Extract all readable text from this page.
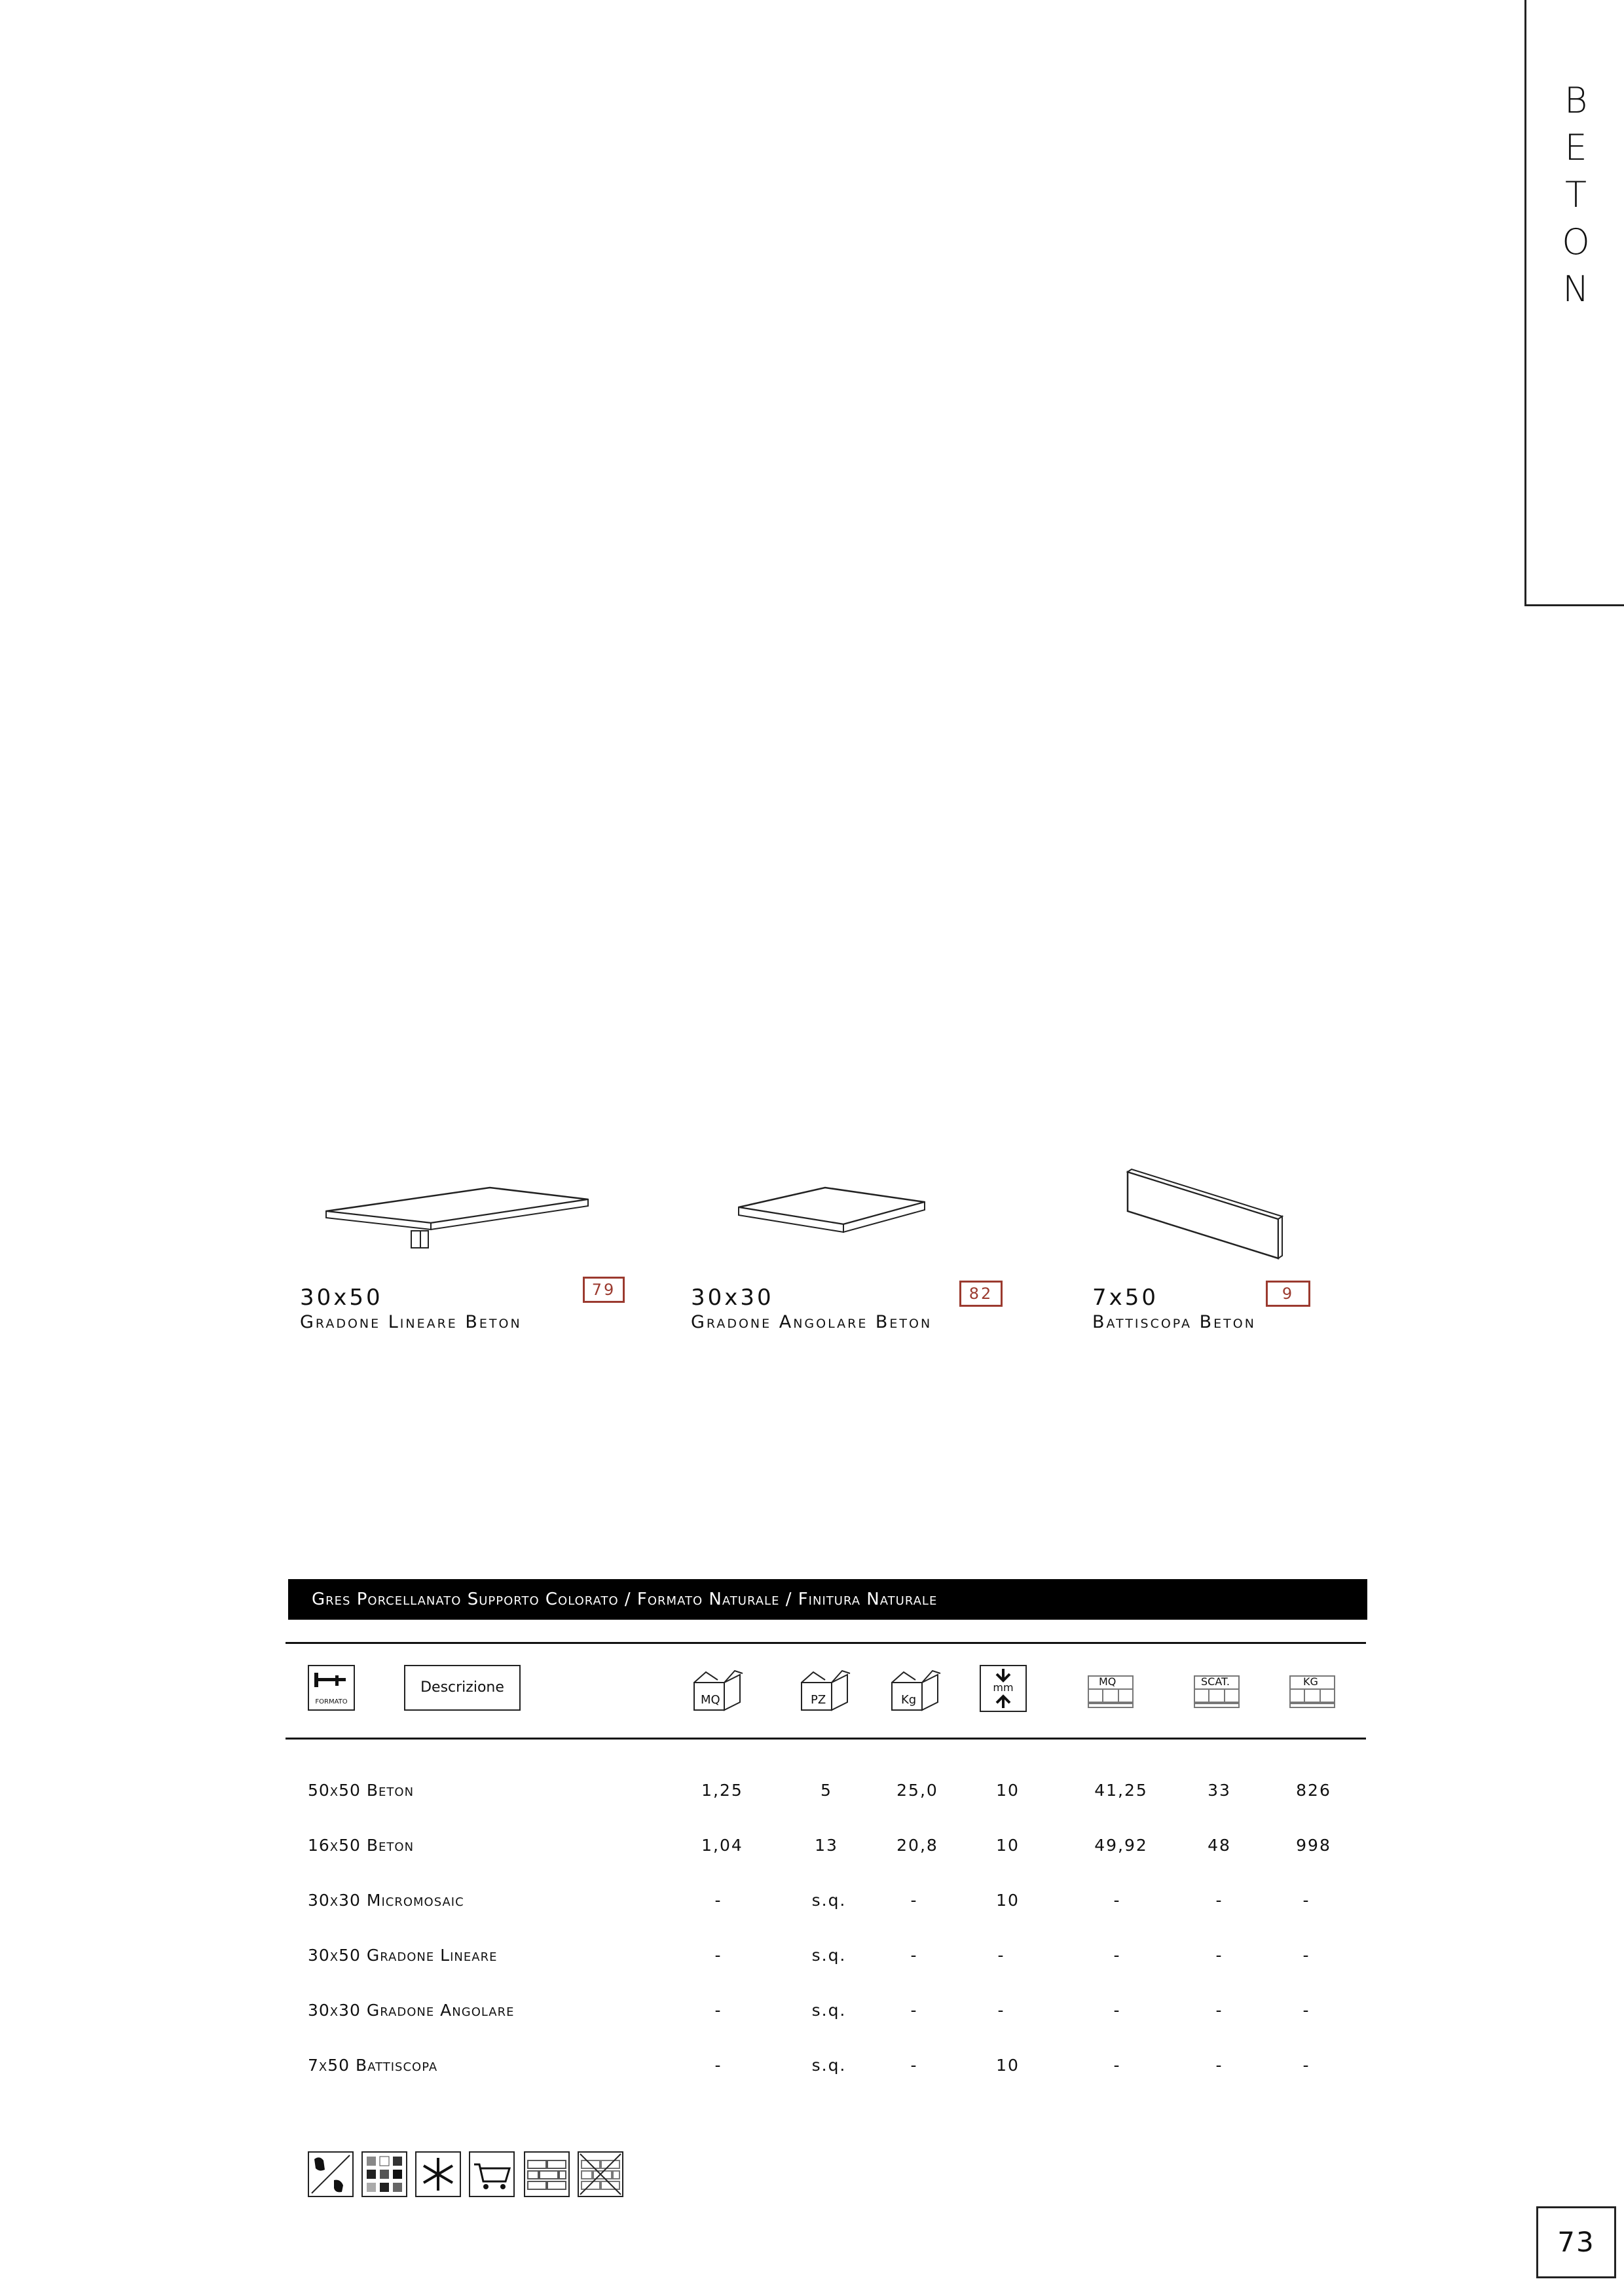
B
E
T
O
N
30x50	79
Gradone Lineare Beton
30x30	82
Gradone Angolare Beton
7x50	9
Battiscopa Beton
Gres Porcellanato Supporto Colorato / Formato Naturale / Finitura Naturale
FORMATO
Descrizione
MQ	PZ	Kg
mm	MQ	SCAT.	KG
50x50 Beton	1,25	5	25,0	10	41,25	33	826
16x50 Beton	1,04	13	20,8	10	49,92	48	998
30x30 Micromosaic	-	s.q.	-	10	-	-	-
30x50 Gradone Lineare	-	s.q.	-	-	-	-	-
30x30 Gradone Angolare	-	s.q.	-	-	-	-	-
7x50 Battiscopa	-	s.q.	-	10	-	-	-
73
